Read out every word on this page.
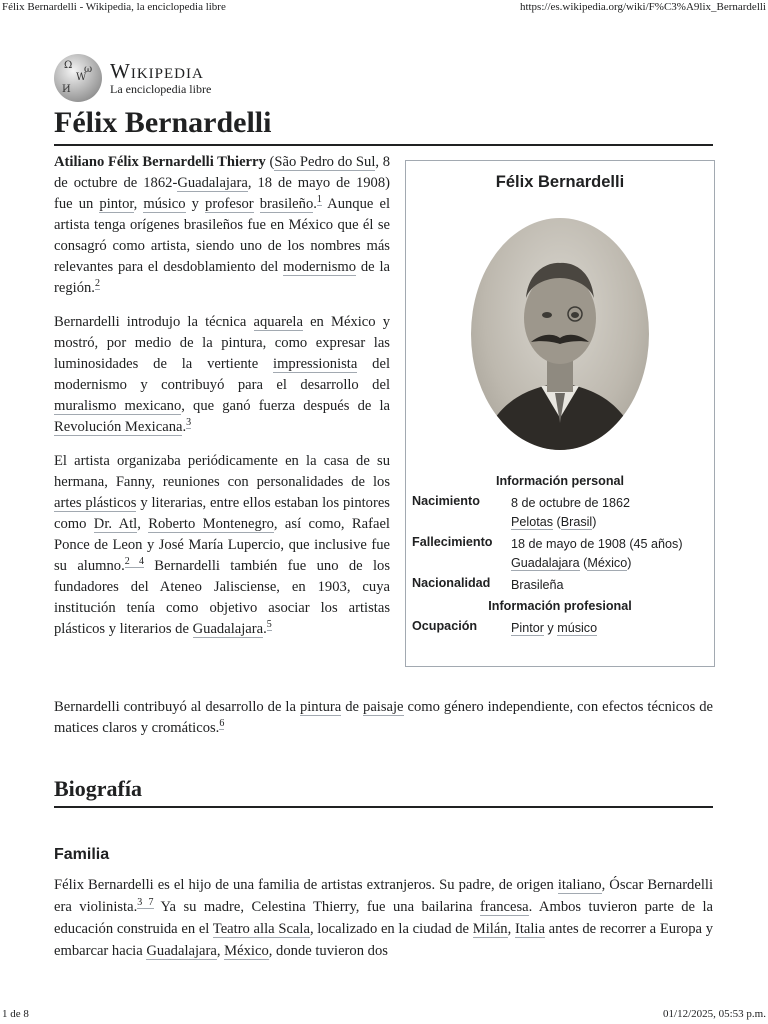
Félix Bernardelli - Wikipedia, la enciclopedia libre	https://es.wikipedia.org/wiki/F%C3%A9lix_Bernardelli
Ω
W
И
ω Wikipedia
La enciclopedia libre
Félix Bernardelli

Atiliano Félix Bernardelli Thierry (São Pedro do Sul, 8 de octubre de 1862-Guadalajara, 18 de mayo de 1908) fue un pintor, músico y profesor brasileño.$^1$ Aunque el artista tenga orígenes brasileños fue en México que él se consagró como artista, siendo uno de los nombres más relevantes para el desdoblamiento del modernismo de la región.$^2$

Bernardelli introdujo la técnica aquarela en México y mostró, por medio de la pintura, como expresar las luminosidades de la vertiente impressionista del modernismo y contribuyó para el desarrollo del muralismo mexicano, que ganó fuerza después de la Revolución Mexicana.$^3$

El artista organizaba periódicamente en la casa de su hermana, Fanny, reuniones con personalidades de los artes plásticos y literarias, entre ellos estaban los pintores como Dr. Atl, Roberto Montenegro, así como, Rafael Ponce de Leon y José María Lupercio, que inclusive fue su alumno.$^{2 4}$ Bernardelli también fue uno de los fundadores del Ateneo Jalisciense, en 1903, cuya institución tenía como objetivo asociar los artistas plásticos y literarios de Guadalajara.$^5$

Félix Bernardelli
Información personal
Nacimiento	8 de octubre de 1862
Pelotas (Brasil)
Fallecimiento	18 de mayo de 1908 (45 años)
Guadalajara (México)
Nacionalidad	Brasileña
Información profesional
Ocupación	Pintor y músico

Bernardelli contribuyó al desarrollo de la pintura de paisaje como género independiente, con efectos técnicos de matices claros y cromáticos.$^6$

Biografía
Familia

Félix Bernardelli es el hijo de una familia de artistas extranjeros. Su padre, de origen italiano, Óscar Bernardelli era violinista.$^{3 7}$ Ya su madre, Celestina Thierry, fue una bailarina francesa. Ambos tuvieron parte de la educación construida en el Teatro alla Scala, localizado en la ciudad de Milán, Italia antes de recorrer a Europa y embarcar hacia Guadalajara, México, donde tuvieron dos

1 de 8	01/12/2025, 05:53 p.m.
